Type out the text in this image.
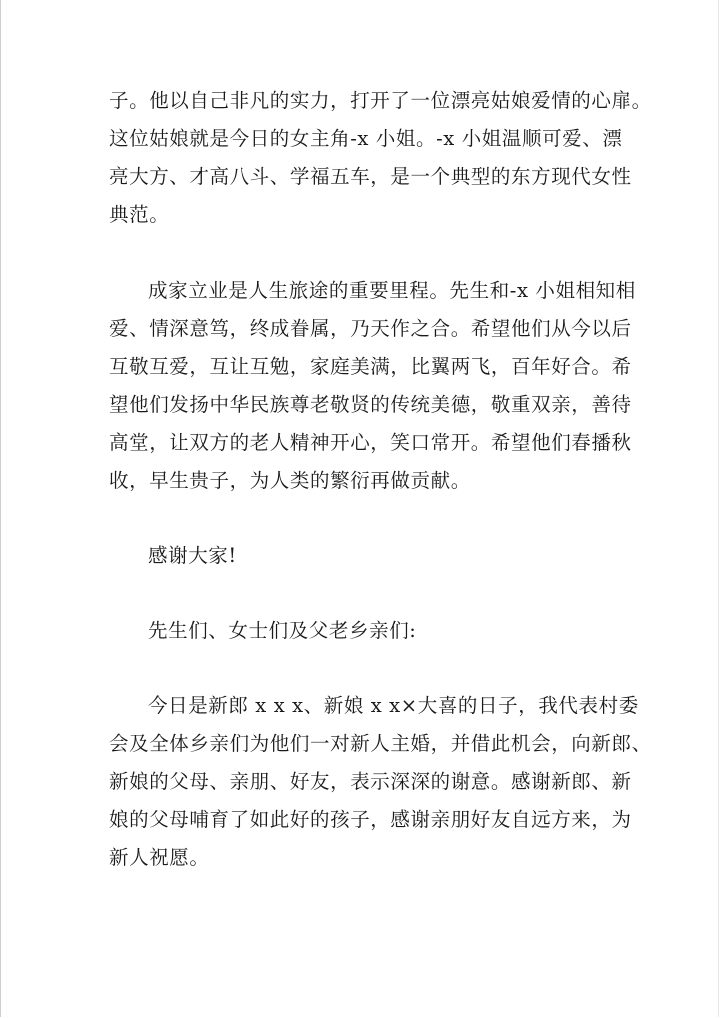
子。他以自己非凡的实力，打开了一位漂亮姑娘爱情的心扉。
这位姑娘就是今日的女主角-x 小姐。-x 小姐温顺可爱、漂
亮大方、才高八斗、学福五车，是一个典型的东方现代女性
典范。

成家立业是人生旅途的重要里程。先生和-x 小姐相知相
爱、情深意笃，终成眷属，乃天作之合。希望他们从今以后
互敬互爱，互让互勉，家庭美满，比翼两飞，百年好合。希
望他们发扬中华民族尊老敬贤的传统美德，敬重双亲，善待
高堂，让双方的老人精神开心，笑口常开。希望他们春播秋
收，早生贵子，为人类的繁衍再做贡献。

感谢大家!

先生们、女士们及父老乡亲们:

今日是新郎 x x x、新娘 x x×大喜的日子，我代表村委
会及全体乡亲们为他们一对新人主婚，并借此机会，向新郎、
新娘的父母、亲朋、好友，表示深深的谢意。感谢新郎、新
娘的父母哺育了如此好的孩子，感谢亲朋好友自远方来，为
新人祝愿。
